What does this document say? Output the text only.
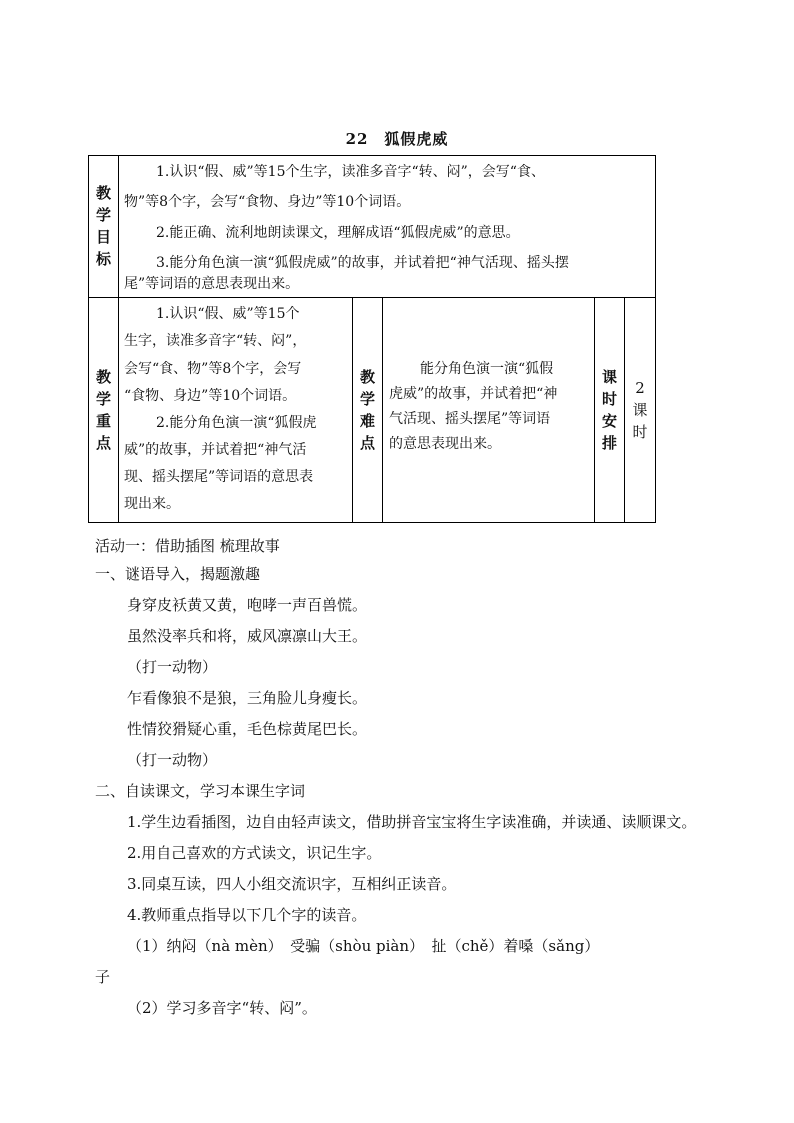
22　狐假虎威
教
学
目
标
1.认识“假、威”等15个生字，读准多音字“转、闷”，会写“食、
物”等8个字，会写“食物、身边”等10个词语。
2.能正确、流利地朗读课文，理解成语“狐假虎威”的意思。
3.能分角色演一演“狐假虎威”的故事，并试着把“神气活现、摇头摆
尾”等词语的意思表现出来。
教
学
重
点
1.认识“假、威”等15个
生字，读准多音字“转、闷”，
会写“食、物”等8个字，会写
“食物、身边”等10个词语。
2.能分角色演一演“狐假虎
威”的故事，并试着把“神气活
现、摇头摆尾”等词语的意思表
现出来。
教
学
难
点
能分角色演一演“狐假
虎威”的故事，并试着把“神
气活现、摇头摆尾”等词语
的意思表现出来。
课
时
安
排
2
课
时
活动一：借助插图 梳理故事
一、谜语导入，揭题激趣
身穿皮袄黄又黄，咆哮一声百兽慌。
虽然没率兵和将，威风凛凛山大王。
（打一动物）
乍看像狼不是狼，三角脸儿身瘦长。
性情狡猾疑心重，毛色棕黄尾巴长。
（打一动物）
二、自读课文，学习本课生字词
1.学生边看插图，边自由轻声读文，借助拼音宝宝将生字读准确，并读通、读顺课文。
2.用自己喜欢的方式读文，识记生字。
3.同桌互读，四人小组交流识字，互相纠正读音。
4.教师重点指导以下几个字的读音。
（1）纳闷（nà mèn）　受骗（shòu piàn）　扯（chě）着嗓（sǎng）
子
（2）学习多音字“转、闷”。
